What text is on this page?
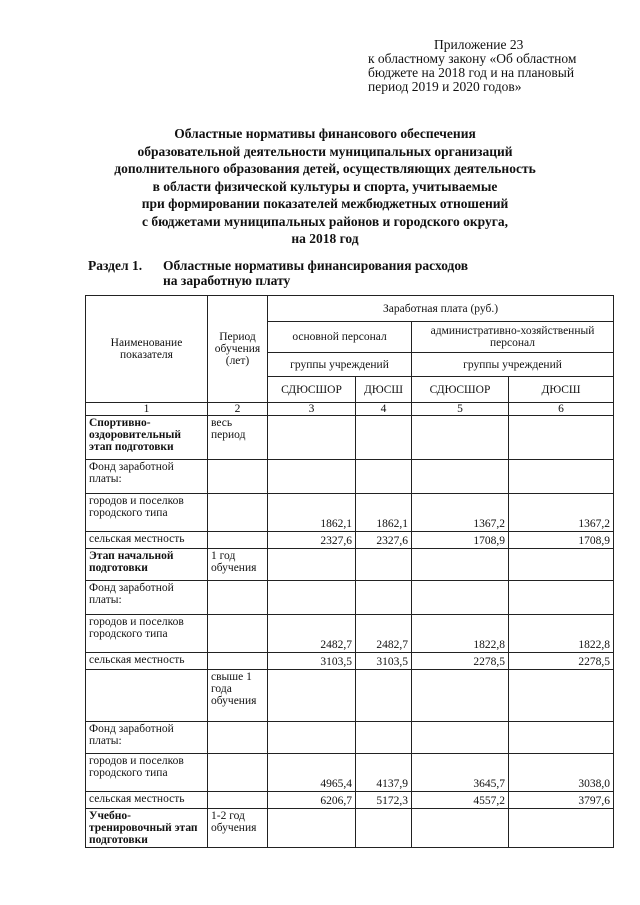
Приложение 23
к областному закону «Об областном
бюджете на 2018 год и на плановый
период 2019 и 2020 годов»
Областные нормативы финансового обеспечения
образовательной деятельности муниципальных организаций
дополнительного образования детей, осуществляющих деятельность
в области физической культуры и спорта, учитываемые
при формировании показателей межбюджетных отношений
с бюджетами муниципальных районов и городского округа,
на 2018 год
Раздел 1. Областные нормативы финансирования расходов
на заработную плату
Наименование показателя	Период обучения (лет)	Заработная плата (руб.)			
		основной персонал		административно-хозяйственный персонал	
		группы учреждений		группы учреждений	
		СДЮСШОР	ДЮСШ	СДЮСШОР	ДЮСШ
1	2	3	4	5	6
Спортивно-оздоровительный этап подготовки	весь период				
Фонд заработной платы:					
городов и поселков городского типа		1862,1	1862,1	1367,2	1367,2
сельская местность		2327,6	2327,6	1708,9	1708,9
Этап начальной подготовки	1 год обучения				
Фонд заработной платы:					
городов и поселков городского типа		2482,7	2482,7	1822,8	1822,8
сельская местность		3103,5	3103,5	2278,5	2278,5
	свыше 1 года обучения				
Фонд заработной платы:					
городов и поселков городского типа		4965,4	4137,9	3645,7	3038,0
сельская местность		6206,7	5172,3	4557,2	3797,6
Учебно-тренировочный этап подготовки	1-2 год обучения				
